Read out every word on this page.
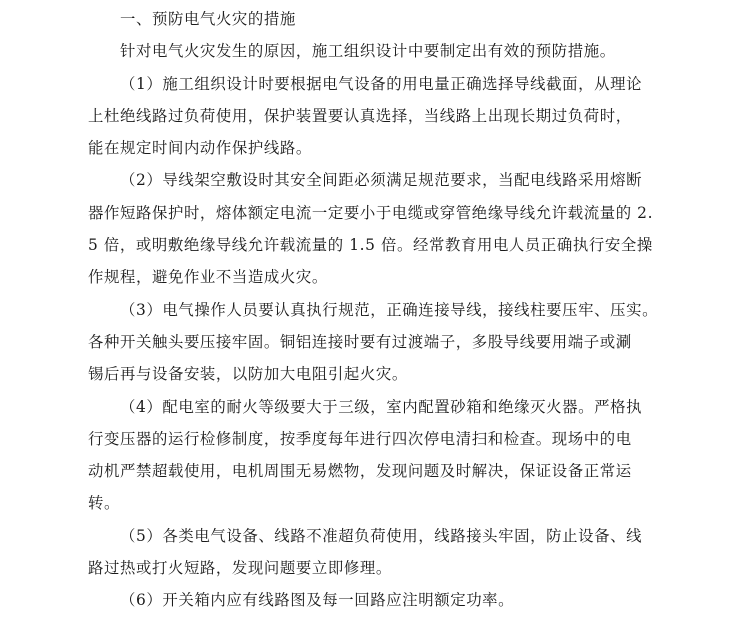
一、预防电气火灾的措施
针对电气火灾发生的原因，施工组织设计中要制定出有效的预防措施。
（1）施工组织设计时要根据电气设备的用电量正确选择导线截面，从理论
上杜绝线路过负荷使用，保护装置要认真选择，当线路上出现长期过负荷时，
能在规定时间内动作保护线路。
（2）导线架空敷设时其安全间距必须满足规范要求，当配电线路采用熔断
器作短路保护时，熔体额定电流一定要小于电缆或穿管绝缘导线允许载流量的 2.
5 倍，或明敷绝缘导线允许载流量的 1.5 倍。经常教育用电人员正确执行安全操
作规程，避免作业不当造成火灾。
（3）电气操作人员要认真执行规范，正确连接导线，接线柱要压牢、压实。
各种开关触头要压接牢固。铜铝连接时要有过渡端子，多股导线要用端子或涮
锡后再与设备安装，以防加大电阻引起火灾。
（4）配电室的耐火等级要大于三级，室内配置砂箱和绝缘灭火器。严格执
行变压器的运行检修制度，按季度每年进行四次停电清扫和检查。现场中的电
动机严禁超载使用，电机周围无易燃物，发现问题及时解决，保证设备正常运
转。
（5）各类电气设备、线路不准超负荷使用，线路接头牢固，防止设备、线
路过热或打火短路，发现问题要立即修理。
（6）开关箱内应有线路图及每一回路应注明额定功率。
